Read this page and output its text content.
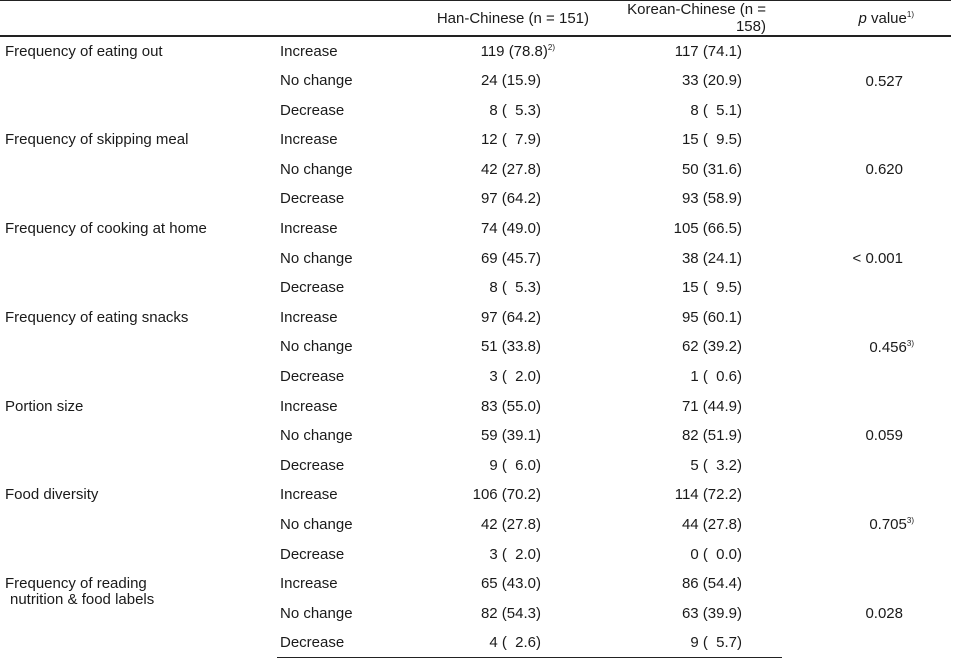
		Han-Chinese (n = 151)	Korean-Chinese (n = 158)	p value$^{1)}$
Frequency of eating out	Increase	119 $(78.8)^{2)}$	117 (74.1)	0.527
	No change	24 (15.9)	33 (20.9)	
	Decrease	8 (  5.3)	8 (  5.1)	
Frequency of skipping meal	Increase	12 (  7.9)	15 (  9.5)	0.620
	No change	42 (27.8)	50 (31.6)	
	Decrease	97 (64.2)	93 (58.9)	
Frequency of cooking at home	Increase	74 (49.0)	105 (66.5)	< 0.001
	No change	69 (45.7)	38 (24.1)	
	Decrease	8 (  5.3)	15 (  9.5)	
Frequency of eating snacks	Increase	97 (64.2)	95 (60.1)	0.456$^{3)}$
	No change	51 (33.8)	62 (39.2)	
	Decrease	3 (  2.0)	1 (  0.6)	
Portion size	Increase	83 (55.0)	71 (44.9)	0.059
	No change	59 (39.1)	82 (51.9)	
	Decrease	9 (  6.0)	5 (  3.2)	
Food diversity	Increase	106 (70.2)	114 (72.2)	0.705$^{3)}$
	No change	42 (27.8)	44 (27.8)	
	Decrease	3 (  2.0)	0 (  0.0)	
Frequency of reading
nutrition & food labels	Increase	65 (43.0)	86 (54.4)	0.028
	No change	82 (54.3)	63 (39.9)	
	Decrease	4 (  2.6)	9 (  5.7)	
